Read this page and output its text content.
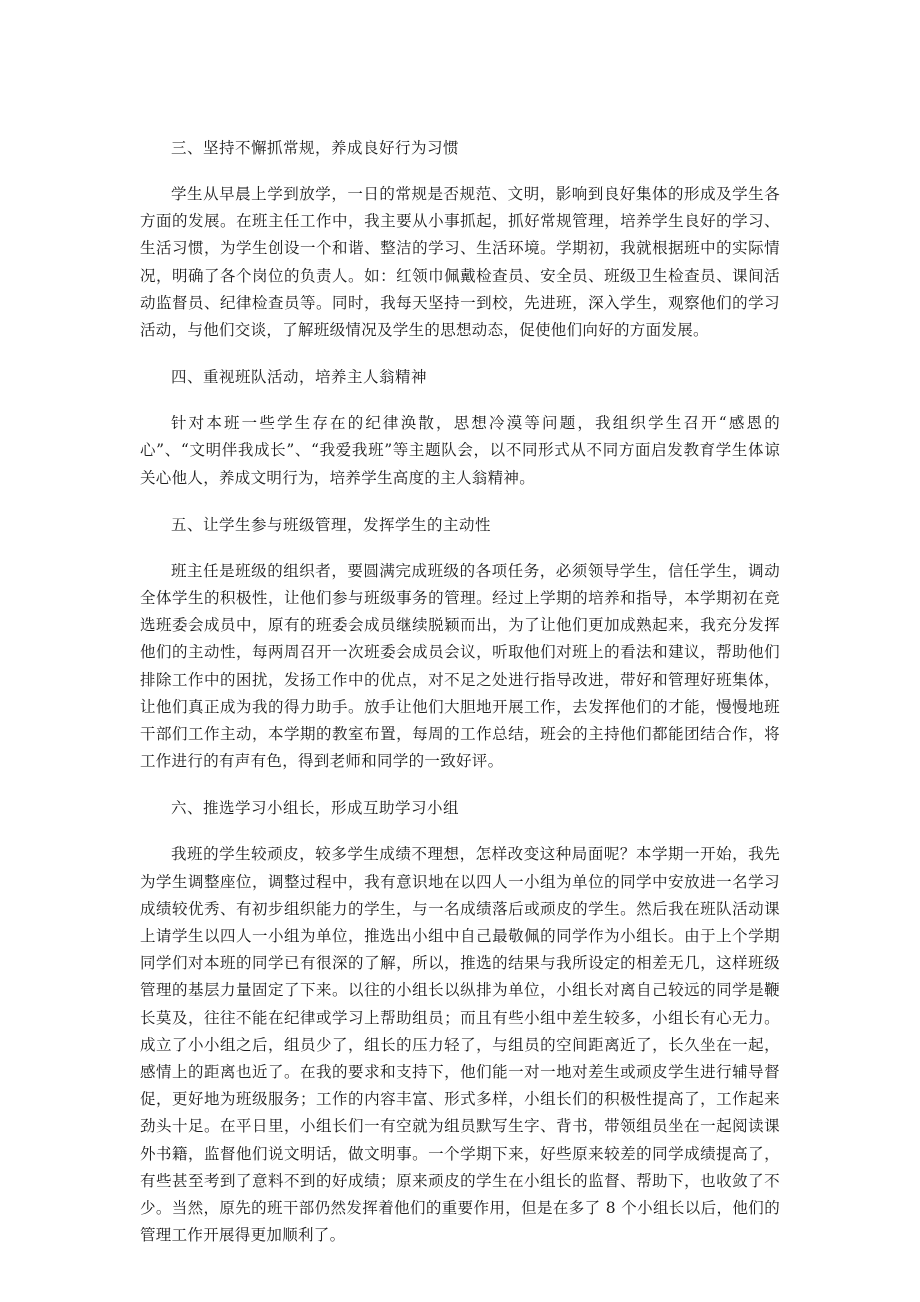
三、坚持不懈抓常规，养成良好行为习惯

学生从早晨上学到放学，一日的常规是否规范、文明，影响到良好集体的形成及学生各方面的发展。在班主任工作中，我主要从小事抓起，抓好常规管理，培养学生良好的学习、生活习惯，为学生创设一个和谐、整洁的学习、生活环境。学期初，我就根据班中的实际情况，明确了各个岗位的负责人。如：红领巾佩戴检查员、安全员、班级卫生检查员、课间活动监督员、纪律检查员等。同时，我每天坚持一到校，先进班，深入学生，观察他们的学习活动，与他们交谈，了解班级情况及学生的思想动态，促使他们向好的方面发展。

四、重视班队活动，培养主人翁精神

针对本班一些学生存在的纪律涣散，思想冷漠等问题，我组织学生召开“感恩的心”、“文明伴我成长”、“我爱我班”等主题队会，以不同形式从不同方面启发教育学生体谅关心他人，养成文明行为，培养学生高度的主人翁精神。

五、让学生参与班级管理，发挥学生的主动性

班主任是班级的组织者，要圆满完成班级的各项任务，必须领导学生，信任学生，调动全体学生的积极性，让他们参与班级事务的管理。经过上学期的培养和指导，本学期初在竞选班委会成员中，原有的班委会成员继续脱颖而出，为了让他们更加成熟起来，我充分发挥他们的主动性，每两周召开一次班委会成员会议，听取他们对班上的看法和建议，帮助他们排除工作中的困扰，发扬工作中的优点，对不足之处进行指导改进，带好和管理好班集体，让他们真正成为我的得力助手。放手让他们大胆地开展工作，去发挥他们的才能，慢慢地班干部们工作主动，本学期的教室布置，每周的工作总结，班会的主持他们都能团结合作，将工作进行的有声有色，得到老师和同学的一致好评。

六、推选学习小组长，形成互助学习小组

我班的学生较顽皮，较多学生成绩不理想，怎样改变这种局面呢？本学期一开始，我先为学生调整座位，调整过程中，我有意识地在以四人一小组为单位的同学中安放进一名学习成绩较优秀、有初步组织能力的学生，与一名成绩落后或顽皮的学生。然后我在班队活动课上请学生以四人一小组为单位，推选出小组中自己最敬佩的同学作为小组长。由于上个学期同学们对本班的同学已有很深的了解，所以，推选的结果与我所设定的相差无几，这样班级管理的基层力量固定了下来。以往的小组长以纵排为单位，小组长对离自己较远的同学是鞭长莫及，往往不能在纪律或学习上帮助组员；而且有些小组中差生较多，小组长有心无力。成立了小小组之后，组员少了，组长的压力轻了，与组员的空间距离近了，长久坐在一起，感情上的距离也近了。在我的要求和支持下，他们能一对一地对差生或顽皮学生进行辅导督促，更好地为班级服务；工作的内容丰富、形式多样，小组长们的积极性提高了，工作起来劲头十足。在平日里，小组长们一有空就为组员默写生字、背书，带领组员坐在一起阅读课外书籍，监督他们说文明话，做文明事。一个学期下来，好些原来较差的同学成绩提高了，有些甚至考到了意料不到的好成绩；原来顽皮的学生在小组长的监督、帮助下，也收敛了不少。当然，原先的班干部仍然发挥着他们的重要作用，但是在多了 8 个小组长以后，他们的管理工作开展得更加顺利了。
